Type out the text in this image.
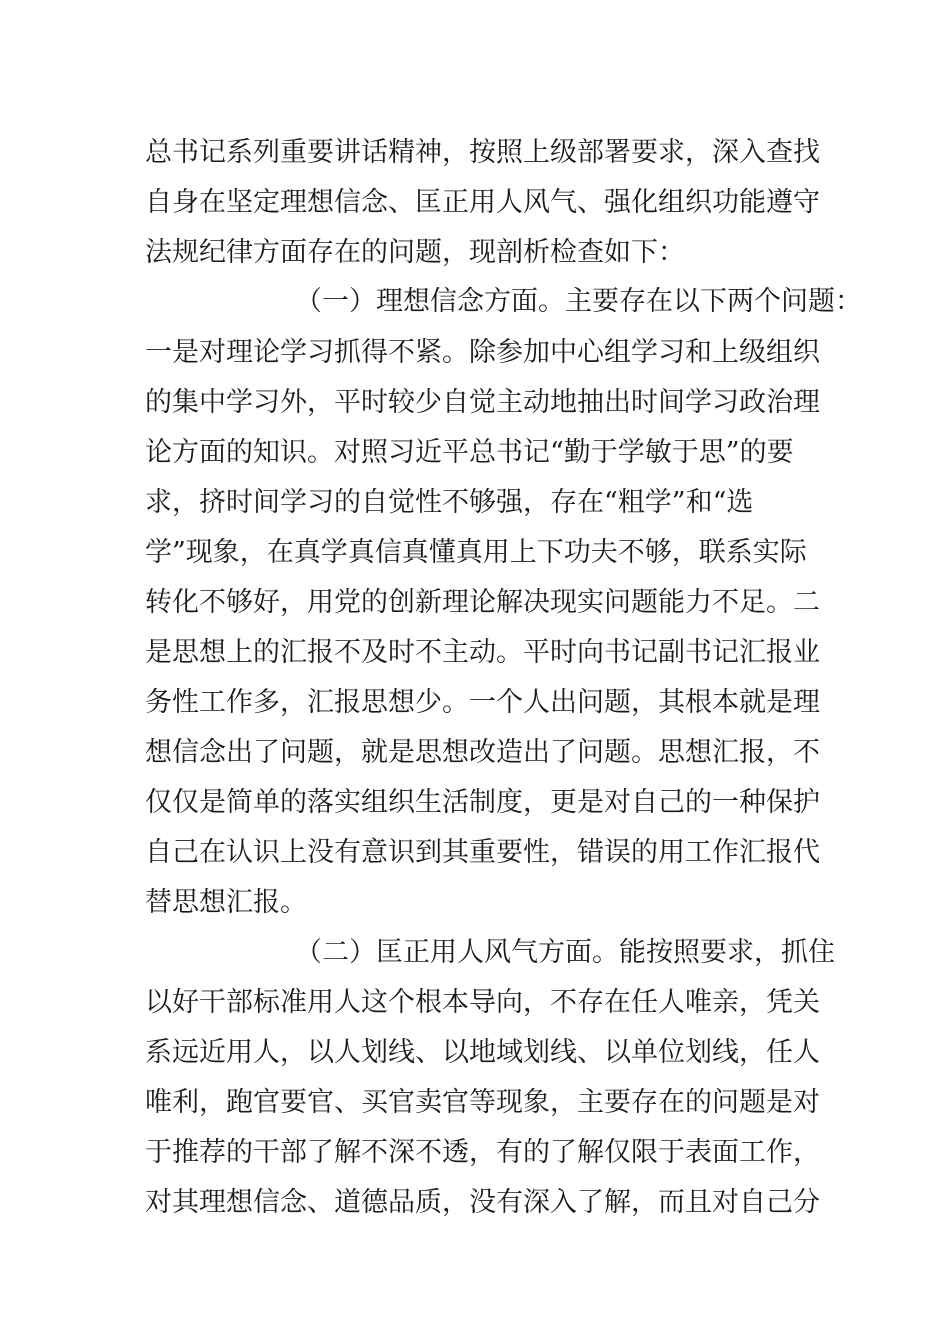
总书记系列重要讲话精神，按照上级部署要求，深入查找

自身在坚定理想信念、匡正用人风气、强化组织功能遵守

法规纪律方面存在的问题，现剖析检查如下：

（一）理想信念方面。主要存在以下两个问题：

一是对理论学习抓得不紧。除参加中心组学习和上级组织

的集中学习外，平时较少自觉主动地抽出时间学习政治理

论方面的知识。对照习近平总书记“勤于学敏于思”的要

求，挤时间学习的自觉性不够强，存在“粗学”和“选

学”现象，在真学真信真懂真用上下功夫不够，联系实际

转化不够好，用党的创新理论解决现实问题能力不足。二

是思想上的汇报不及时不主动。平时向书记副书记汇报业

务性工作多，汇报思想少。一个人出问题，其根本就是理

想信念出了问题，就是思想改造出了问题。思想汇报，不

仅仅是简单的落实组织生活制度，更是对自己的一种保护

自己在认识上没有意识到其重要性，错误的用工作汇报代

替思想汇报。

（二）匡正用人风气方面。能按照要求，抓住

以好干部标准用人这个根本导向，不存在任人唯亲，凭关

系远近用人，以人划线、以地域划线、以单位划线，任人

唯利，跑官要官、买官卖官等现象，主要存在的问题是对

于推荐的干部了解不深不透，有的了解仅限于表面工作，

对其理想信念、道德品质，没有深入了解，而且对自己分
